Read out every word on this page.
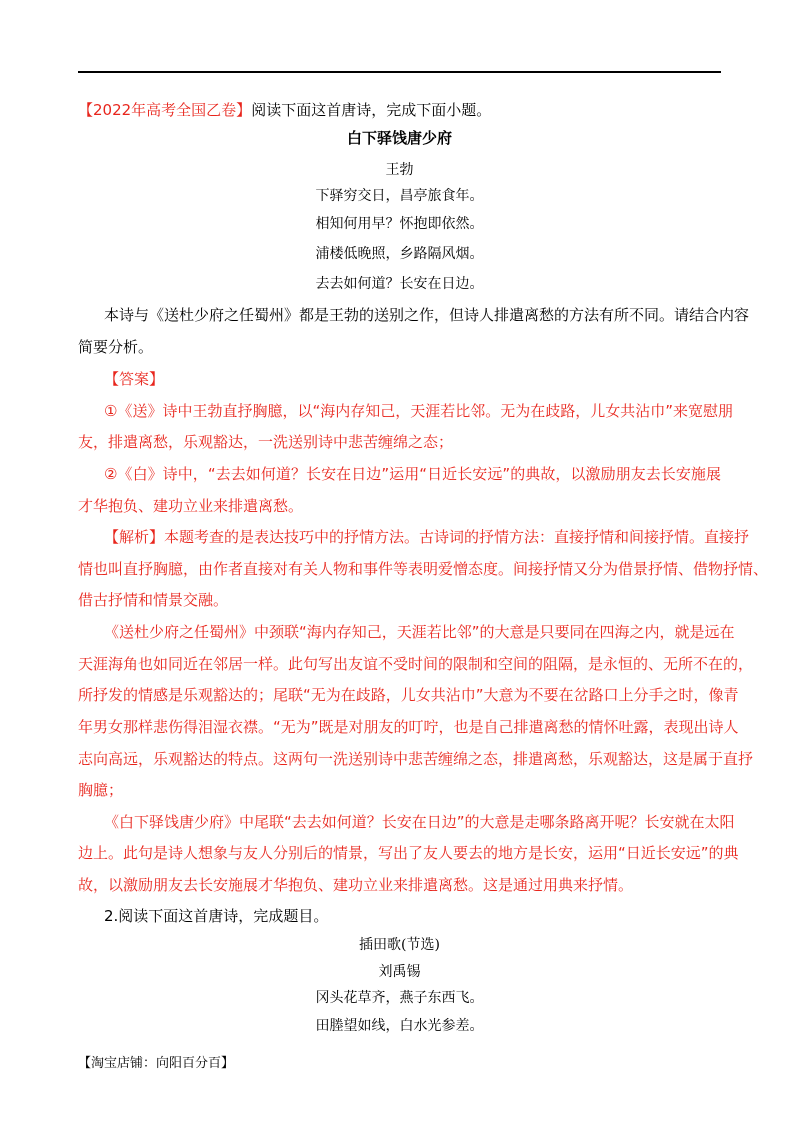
【2022年高考全国乙卷】阅读下面这首唐诗，完成下面小题。
白下驿饯唐少府
王勃
下驿穷交日，昌亭旅食年。
相知何用早？怀抱即依然。
浦楼低晚照，乡路隔风烟。
去去如何道？长安在日边。
本诗与《送杜少府之任蜀州》都是王勃的送别之作，但诗人排遣离愁的方法有所不同。请结合内容
简要分析。
【答案】
①《送》诗中王勃直抒胸臆，以“海内存知己，天涯若比邻。无为在歧路，儿女共沾巾”来宽慰朋
友，排遣离愁，乐观豁达，一洗送别诗中悲苦缠绵之态；
②《白》诗中，“去去如何道？长安在日边”运用“日近长安远”的典故，以激励朋友去长安施展
才华抱负、建功立业来排遣离愁。
【解析】本题考查的是表达技巧中的抒情方法。古诗词的抒情方法：直接抒情和间接抒情。直接抒
情也叫直抒胸臆，由作者直接对有关人物和事件等表明爱憎态度。间接抒情又分为借景抒情、借物抒情、
借古抒情和情景交融。
《送杜少府之任蜀州》中颈联“海内存知己，天涯若比邻”的大意是只要同在四海之内，就是远在
天涯海角也如同近在邻居一样。此句写出友谊不受时间的限制和空间的阻隔，是永恒的、无所不在的，
所抒发的情感是乐观豁达的；尾联“无为在歧路，儿女共沾巾”大意为不要在岔路口上分手之时，像青
年男女那样悲伤得泪湿衣襟。“无为”既是对朋友的叮咛，也是自己排遣离愁的情怀吐露，表现出诗人
志向高远，乐观豁达的特点。这两句一洗送别诗中悲苦缠绵之态，排遣离愁，乐观豁达，这是属于直抒
胸臆；
《白下驿饯唐少府》中尾联“去去如何道？长安在日边”的大意是走哪条路离开呢？长安就在太阳
边上。此句是诗人想象与友人分别后的情景，写出了友人要去的地方是长安，运用“日近长安远”的典
故，以激励朋友去长安施展才华抱负、建功立业来排遣离愁。这是通过用典来抒情。
2.阅读下面这首唐诗，完成题目。
插田歌(节选)
刘禹锡
冈头花草齐，燕子东西飞。
田塍望如线，白水光参差。
【淘宝店铺：向阳百分百】
